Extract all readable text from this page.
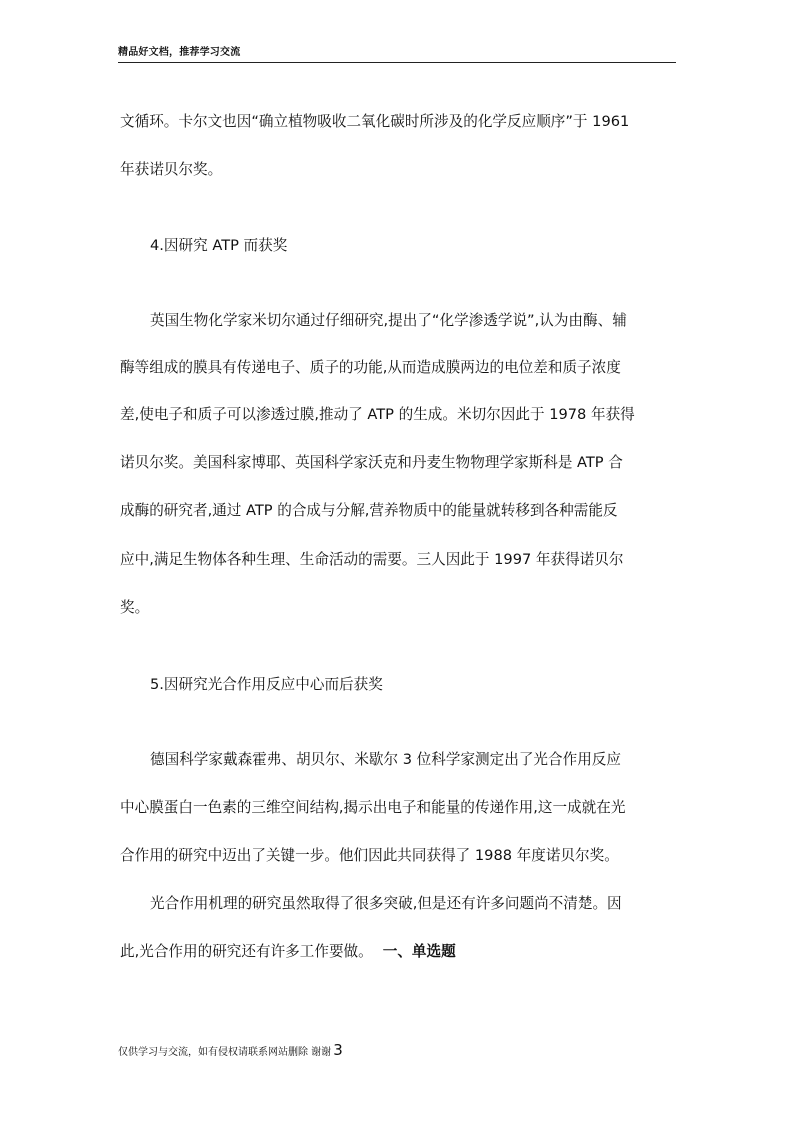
精品好文档，推荐学习交流
文循环。卡尔文也因“确立植物吸收二氧化碳时所涉及的化学反应顺序”于 1961
年获诺贝尔奖。
4.因研究 ATP 而获奖
英国生物化学家米切尔通过仔细研究,提出了“化学渗透学说”,认为由酶、辅
酶等组成的膜具有传递电子、质子的功能,从而造成膜两边的电位差和质子浓度
差,使电子和质子可以渗透过膜,推动了 ATP 的生成。米切尔因此于 1978 年获得
诺贝尔奖。美国科家博耶、英国科学家沃克和丹麦生物物理学家斯科是 ATP 合
成酶的研究者,通过 ATP 的合成与分解,营养物质中的能量就转移到各种需能反
应中,满足生物体各种生理、生命活动的需要。三人因此于 1997 年获得诺贝尔
奖。
5.因研究光合作用反应中心而后获奖
德国科学家戴森霍弗、胡贝尔、米歇尔 3 位科学家测定出了光合作用反应
中心膜蛋白一色素的三维空间结构,揭示出电子和能量的传递作用,这一成就在光
合作用的研究中迈出了关键一步。他们因此共同获得了 1988 年度诺贝尔奖。
光合作用机理的研究虽然取得了很多突破,但是还有许多问题尚不清楚。因
此,光合作用的研究还有许多工作要做。 一、单选题
仅供学习与交流，如有侵权请联系网站删除 谢谢 3
